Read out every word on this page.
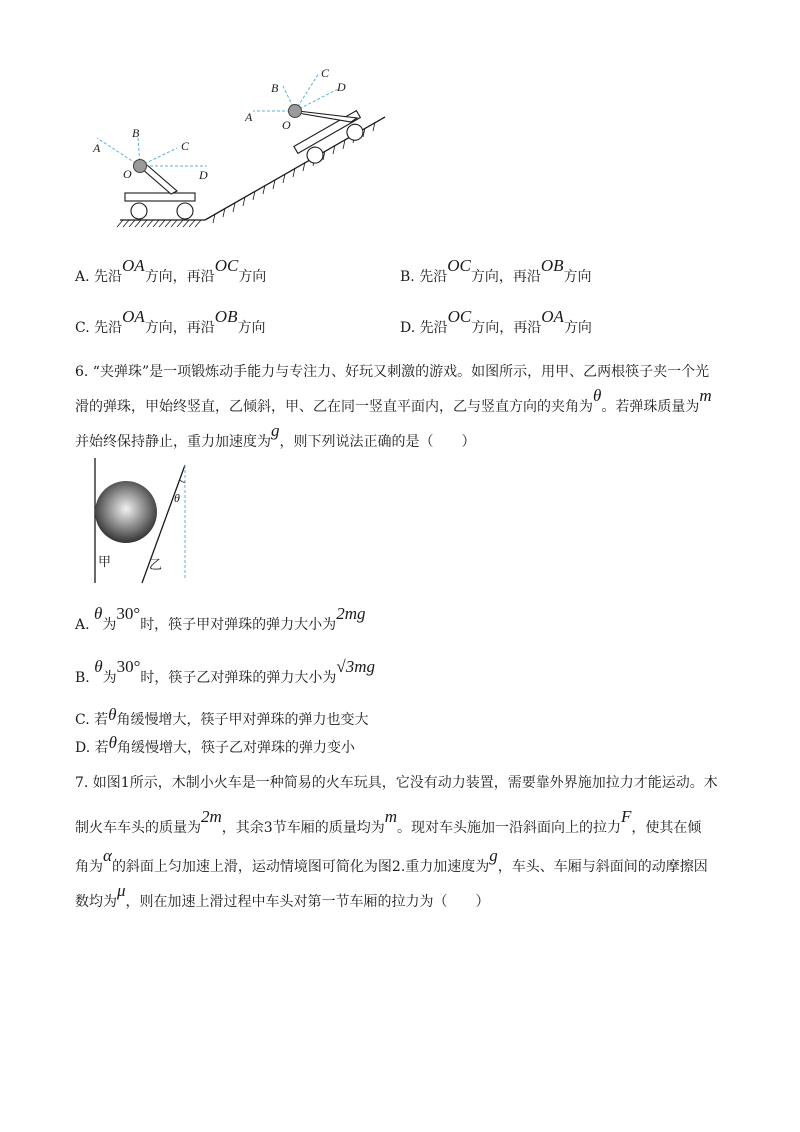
A
B
C
O	D
A
B
C
D
O
A. 先沿OA方向，再沿OC方向	B. 先沿OC方向，再沿OB方向
C. 先沿OA方向，再沿OB方向	D. 先沿OC方向，再沿OA方向
6. “夹弹珠”是一项锻炼动手能力与专注力、好玩又刺激的游戏。如图所示，用甲、乙两根筷子夹一个光
滑的弹珠，甲始终竖直，乙倾斜，甲、乙在同一竖直平面内，乙与竖直方向的夹角为θ。若弹珠质量为m
并始终保持静止，重力加速度为g，则下列说法正确的是（　　）
θ
甲	乙
A. θ为30°时，筷子甲对弹珠的弹力大小为2mg
B. θ为30°时，筷子乙对弹珠的弹力大小为√3mg
C. 若θ角缓慢增大，筷子甲对弹珠的弹力也变大
D. 若θ角缓慢增大，筷子乙对弹珠的弹力变小
7. 如图1所示，木制小火车是一种简易的火车玩具，它没有动力装置，需要靠外界施加拉力才能运动。木
制火车车头的质量为2m，其余3节车厢的质量均为m。现对车头施加一沿斜面向上的拉力F，使其在倾
角为α的斜面上匀加速上滑，运动情境图可简化为图2.重力加速度为g，车头、车厢与斜面间的动摩擦因
数均为μ，则在加速上滑过程中车头对第一节车厢的拉力为（　　）
